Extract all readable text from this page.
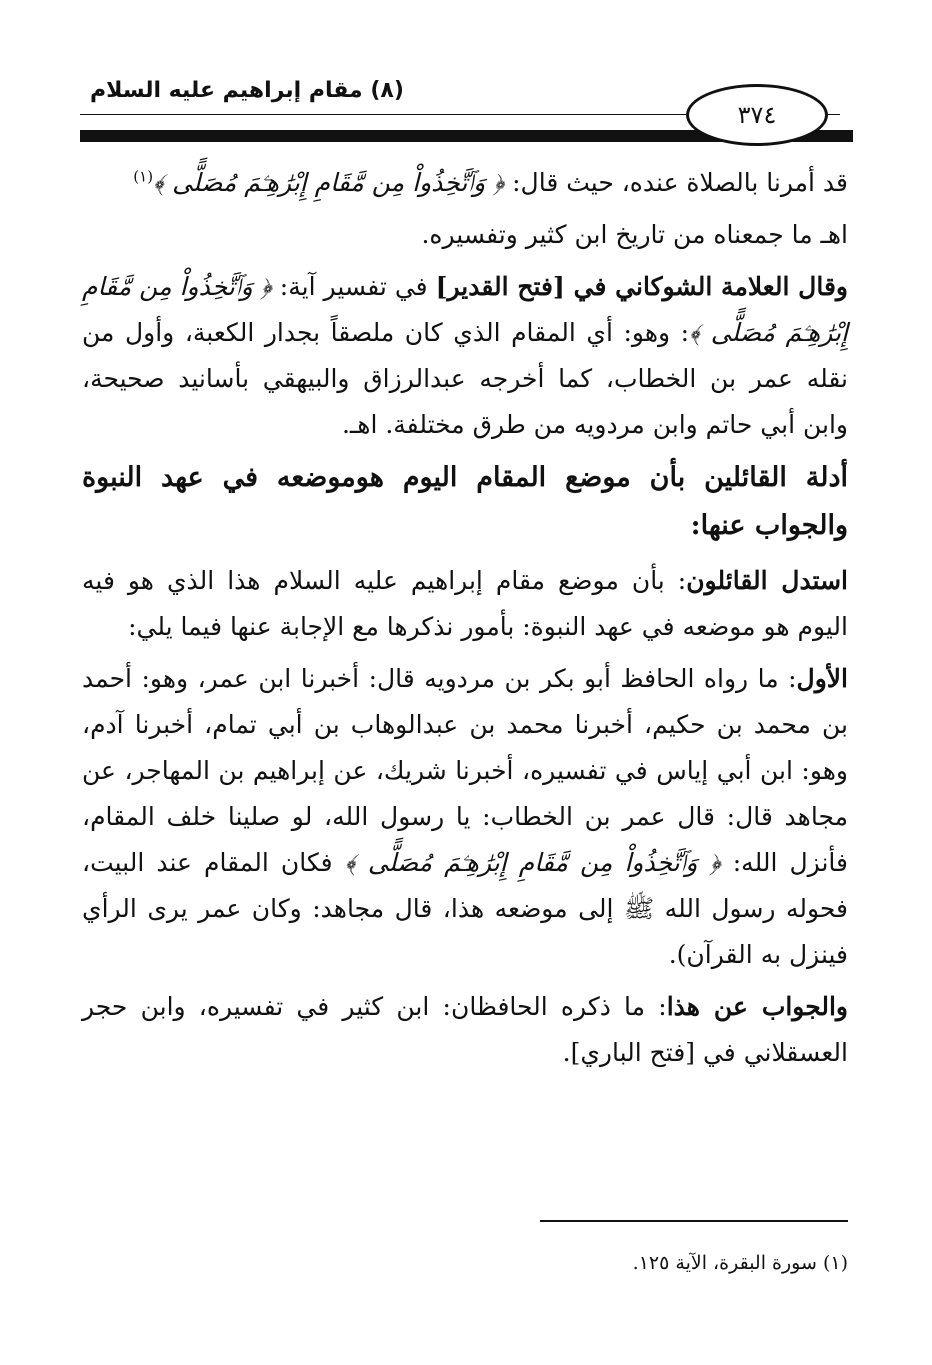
(٨) مقام إبراهيم عليه السلام
٣٧٤

قد أمرنا بالصلاة عنده، حيث قال: ﴿ وَٱتَّخِذُواْ مِن مَّقَامِ إِبْرَٰهِـۧمَ مُصَلًّى ﴾$^{(١)}$

اهـ ما جمعناه من تاريخ ابن كثير وتفسيره.

وقال العلامة الشوكاني في [فتح القدير] في تفسير آية: ﴿ وَٱتَّخِذُواْ مِن مَّقَامِ إِبْرَٰهِـۧمَ مُصَلًّى ﴾: وهو: أي المقام الذي كان ملصقاً بجدار الكعبة، وأول من نقله عمر بن الخطاب، كما أخرجه عبدالرزاق والبيهقي بأسانيد صحيحة، وابن أبي حاتم وابن مردويه من طرق مختلفة. اهـ.

أدلة القائلين بأن موضع المقام اليوم هوموضعه في عهد النبوة والجواب عنها:

استدل القائلون: بأن موضع مقام إبراهيم عليه السلام هذا الذي هو فيه اليوم هو موضعه في عهد النبوة: بأمور نذكرها مع الإجابة عنها فيما يلي:

الأول: ما رواه الحافظ أبو بكر بن مردويه قال: أخبرنا ابن عمر، وهو: أحمد بن محمد بن حكيم، أخبرنا محمد بن عبدالوهاب بن أبي تمام، أخبرنا آدم، وهو: ابن أبي إياس في تفسيره، أخبرنا شريك، عن إبراهيم بن المهاجر، عن مجاهد قال: قال عمر بن الخطاب: يا رسول الله، لو صلينا خلف المقام، فأنزل الله: ﴿ وَٱتَّخِذُواْ مِن مَّقَامِ إِبْرَٰهِـۧمَ مُصَلًّى ﴾ فكان المقام عند البيت، فحوله رسول الله ﷺ إلى موضعه هذا، قال مجاهد: وكان عمر يرى الرأي فينزل به القرآن).

والجواب عن هذا: ما ذكره الحافظان: ابن كثير في تفسيره، وابن حجر العسقلاني في [فتح الباري].

(١) سورة البقرة، الآية ١٢٥.
